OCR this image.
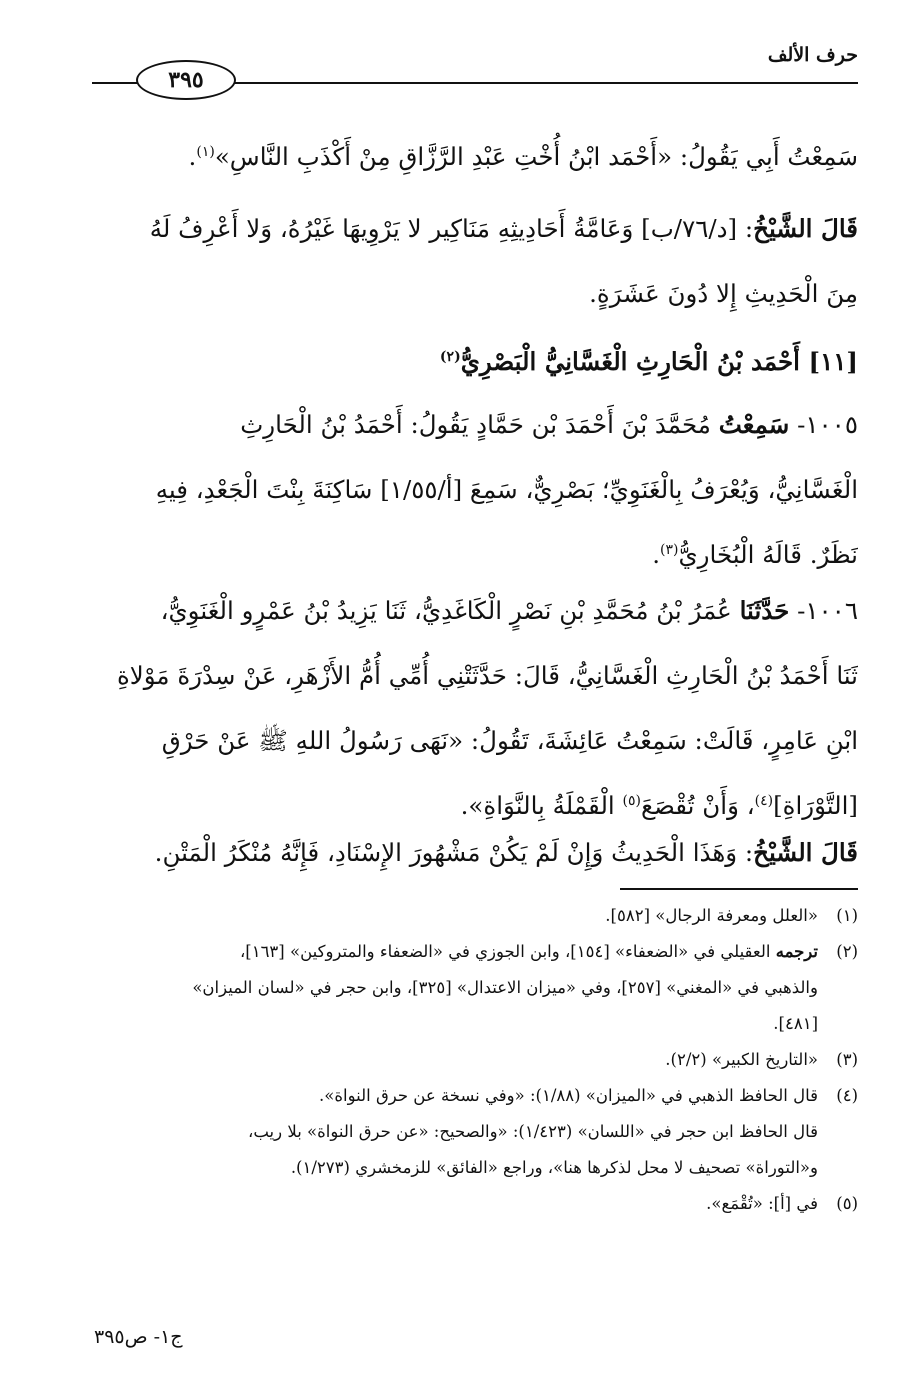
حرف الألف
٣٩٥
سَمِعْتُ أَبِي يَقُولُ: «أَحْمَد ابْنُ أُخْتِ عَبْدِ الرَّزَّاقِ مِنْ أَكْذَبِ النَّاسِ»$^{(١)}$.
قَالَ الشَّيْخُ: [د/٧٦/ب] وَعَامَّةُ أَحَادِيثِهِ مَنَاكِير لا يَرْوِيهَا غَيْرُهُ، وَلا أَعْرِفُ لَهُ
مِنَ الْحَدِيثِ إِلا دُونَ عَشَرَةٍ.
[١١] أَحْمَد بْنُ الْحَارِثِ الْغَسَّانِيُّ الْبَصْرِيُّ$^{(٢)}$
١٠٠٥- سَمِعْتُ مُحَمَّدَ بْنَ أَحْمَدَ بْن حَمَّادٍ يَقُولُ: أَحْمَدُ بْنُ الْحَارِثِ
الْغَسَّانِيُّ، وَيُعْرَفُ بِالْغَنَوِيِّ؛ بَصْرِيٌّ، سَمِعَ [أ/١/٥٥] سَاكِنَةَ بِنْتَ الْجَعْدِ، فِيهِ
نَظَرٌ. قَالَهُ الْبُخَارِيُّ$^{(٣)}$.
١٠٠٦- حَدَّثَنَا عُمَرُ بْنُ مُحَمَّدِ بْنِ نَصْرٍ الْكَاغَدِيُّ، ثَنَا يَزِيدُ بْنُ عَمْرٍو الْغَنَوِيُّ،
ثَنَا أَحْمَدُ بْنُ الْحَارِثِ الْغَسَّانِيُّ، قَالَ: حَدَّثَتْنِي أُمِّي أُمُّ الأَزْهَرِ، عَنْ سِدْرَةَ مَوْلاةِ
ابْنِ عَامِرٍ، قَالَتْ: سَمِعْتُ عَائِشَةَ، تَقُولُ: «نَهَى رَسُولُ اللهِ ﷺ عَنْ حَرْقِ
[التَّوْرَاةِ]$^{(٤)}$، وَأَنْ تُقْصَعَ$^{(٥)}$ الْقَمْلَةُ بِالنَّوَاةِ».
قَالَ الشَّيْخُ: وَهَذَا الْحَدِيثُ وَإِنْ لَمْ يَكُنْ مَشْهُورَ الإِسْنَادِ، فَإِنَّهُ مُنْكَرُ الْمَتْنِ.
(١)
«العلل ومعرفة الرجال» [٥٨٢].
(٢)
ترجمه العقيلي في «الضعفاء» [١٥٤]، وابن الجوزي في «الضعفاء والمتروكين» [١٦٣]،
والذهبي في «المغني» [٢٥٧]، وفي «ميزان الاعتدال» [٣٢٥]، وابن حجر في «لسان الميزان»
[٤٨١].
(٣)
«التاريخ الكبير» (٢/٢).
(٤)
قال الحافظ الذهبي في «الميزان» (١/٨٨): «وفي نسخة عن حرق النواة».
قال الحافظ ابن حجر في «اللسان» (١/٤٢٣): «والصحيح: «عن حرق النواة» بلا ريب،
و«التوراة» تصحيف لا محل لذكرها هنا»، وراجع «الفائق» للزمخشري (١/٢٧٣).
(٥)
في [أ]: «تُقْمَع».
ج١- ص٣٩٥
